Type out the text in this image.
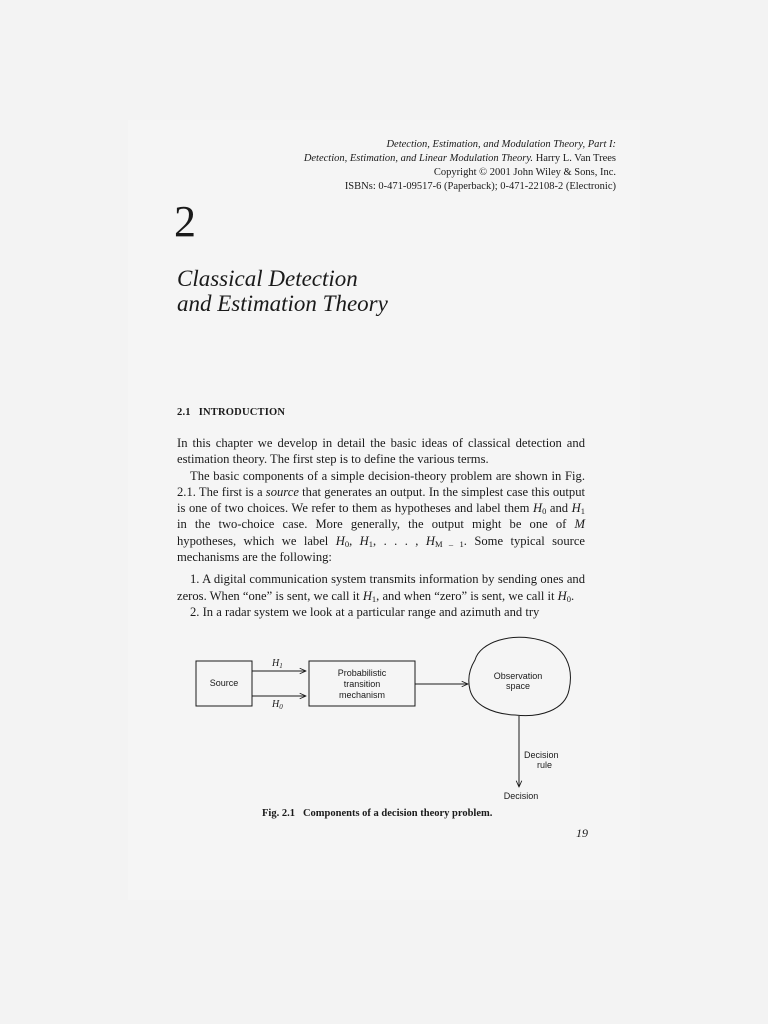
Detection, Estimation, and Modulation Theory, Part I:
Detection, Estimation, and Linear Modulation Theory. Harry L. Van Trees
Copyright © 2001 John Wiley & Sons, Inc.
ISBNs: 0-471-09517-6 (Paperback); 0-471-22108-2 (Electronic)
2
Classical Detection
and Estimation Theory
2.1 INTRODUCTION

In this chapter we develop in detail the basic ideas of classical detection and estimation theory. The first step is to define the various terms.

The basic components of a simple decision-theory problem are shown in Fig. 2.1. The first is a source that generates an output. In the simplest case this output is one of two choices. We refer to them as hypotheses and label them $H_0$ and $H_1$ in the two-choice case. More generally, the output might be one of M hypotheses, which we label $H_0$, $H_1$, . . . , $H_{M - 1}$. Some typical source mechanisms are the following:

1. A digital communication system transmits information by sending ones and zeros. When “one” is sent, we call it $H_1$, and when “zero” is sent, we call it $H_0$.

2. In a radar system we look at a particular range and azimuth and try

Source
$H_1$
$H_0$
Probabilistic
transition
mechanism
Observation
space
Decision
rule
Decision
Fig. 2.1 Components of a decision theory problem.
19
